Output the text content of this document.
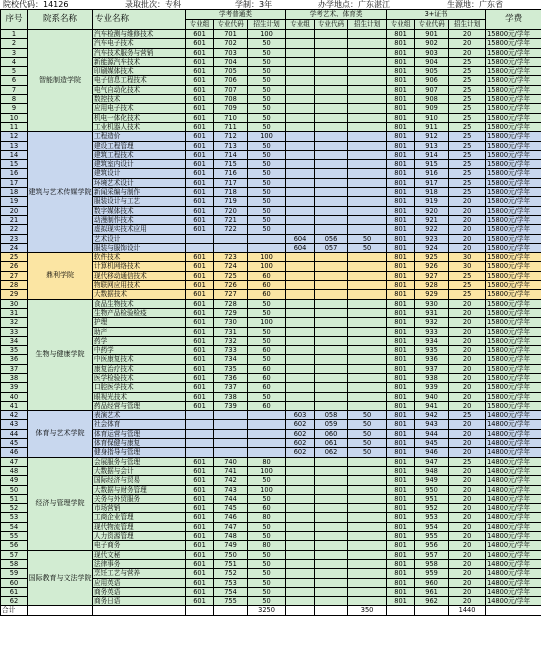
院校代码：14126	录取批次：专科	学制：3年	办学地点：广东湛江	生源地：广东省
序号	院系名称	专业名称	学考普通类			学考艺术、体育类			3+证书			学费
			专业组	专业代码	招生计划	专业组	专业代码	招生计划	专业组	专业代码	招生计划	
1	智能制造学院	汽车检测与维修技术	601	701	100				801	901	20	15800元/学年
2		汽车电子技术	601	702	50				801	902	20	15800元/学年
3		汽车技术服务与营销	601	703	50				801	903	20	15800元/学年
4		新能源汽车技术	601	704	50				801	904	25	15800元/学年
5		印刷媒体技术	601	705	50				801	905	25	15800元/学年
6		电子信息工程技术	601	706	50				801	906	25	15800元/学年
7		电气自动化技术	601	707	50				801	907	25	15800元/学年
8		数控技术	601	708	50				801	908	25	15800元/学年
9		应用电子技术	601	709	50				801	909	25	15800元/学年
10		机电一体化技术	601	710	50				801	910	25	15800元/学年
11		工业机器人技术	601	711	50				801	911	25	15800元/学年
12	建筑与艺术传媒学院	工程造价	601	712	100				801	912	25	15800元/学年
13		建设工程管理	601	713	50				801	913	25	15800元/学年
14		建筑工程技术	601	714	50				801	914	25	15800元/学年
15		建筑室内设计	601	715	50				801	915	25	15800元/学年
16		建筑设计	601	716	50				801	916	25	15800元/学年
17		环境艺术设计	601	717	50				801	917	25	15800元/学年
18		新闻采编与制作	601	718	50				801	918	25	15800元/学年
19		服装设计与工艺	601	719	50				801	919	20	15800元/学年
20		数字媒体技术	601	720	50				801	920	20	15800元/学年
21		动漫制作技术	601	721	50				801	921	20	15800元/学年
22		虚拟现实技术应用	601	722	50				801	922	20	15800元/学年
23		艺术设计				604	056	50	801	923	20	15800元/学年
24		服装与服饰设计				604	057	50	801	924	20	15800元/学年
25	鼎利学院	软件技术	601	723	100				801	925	30	15800元/学年
26		计算机网络技术	601	724	100				801	926	30	15800元/学年
27		现代移动通信技术	601	725	60				801	927	25	15800元/学年
28		物联网应用技术	601	726	60				801	928	25	15800元/学年
29		大数据技术	601	727	60				801	929	25	15800元/学年
30	生物与健康学院	食品生物技术	601	728	50				801	930	20	15800元/学年
31		生物产品检验检疫	601	729	50				801	931	20	15800元/学年
32		护理	601	730	100				801	932	20	15800元/学年
33		助产	601	731	50				801	933	20	15800元/学年
34		药学	601	732	50				801	934	20	15800元/学年
35		中药学	601	733	60				801	935	20	15800元/学年
36		中医康复技术	601	734	50				801	936	20	15800元/学年
37		康复治疗技术	601	735	60				801	937	20	15800元/学年
38		医学检验技术	601	736	60				801	938	20	15800元/学年
39		口腔医学技术	601	737	60				801	939	20	15800元/学年
40		眼视光技术	601	738	50				801	940	20	15800元/学年
41		药品经营与管理	601	739	60				801	941	20	15800元/学年
42	体育与艺术学院	表演艺术				603	058	50	801	942	25	14800元/学年
43		社会体育				602	059	50	801	943	20	14800元/学年
44		体育运营与管理				602	060	50	801	944	20	14800元/学年
45		体育保健与康复				602	061	50	801	945	20	14800元/学年
46		健身指导与管理				602	062	50	801	946	20	14800元/学年
47	经济与管理学院	会展服务与管理	601	740	80				801	947	25	14800元/学年
48		大数据与会计	601	741	100				801	948	20	14800元/学年
49		国际经济与贸易	601	742	50				801	949	20	14800元/学年
50		大数据与财务管理	601	743	100				801	950	20	14800元/学年
51		关务与外贸服务	601	744	50				801	951	20	14800元/学年
52		市场营销	601	745	60				801	952	20	14800元/学年
53		工商企业管理	601	746	80				801	953	20	14800元/学年
54		现代物流管理	601	747	50				801	954	20	14800元/学年
55		人力资源管理	601	748	50				801	955	20	14800元/学年
56		电子商务	601	749	80				801	956	20	14800元/学年
57	国际教育与文法学院	现代文秘	601	750	50				801	957	20	14800元/学年
58		法律事务	601	751	50				801	958	20	14800元/学年
59		烹饪工艺与营养	601	752	50				801	959	20	14800元/学年
60		应用英语	601	753	50				801	960	20	14800元/学年
61		商务英语	601	754	50				801	961	20	14800元/学年
62		商务日语	601	755	50				801	962	20	14800元/学年
合计					3250			350			1440	
